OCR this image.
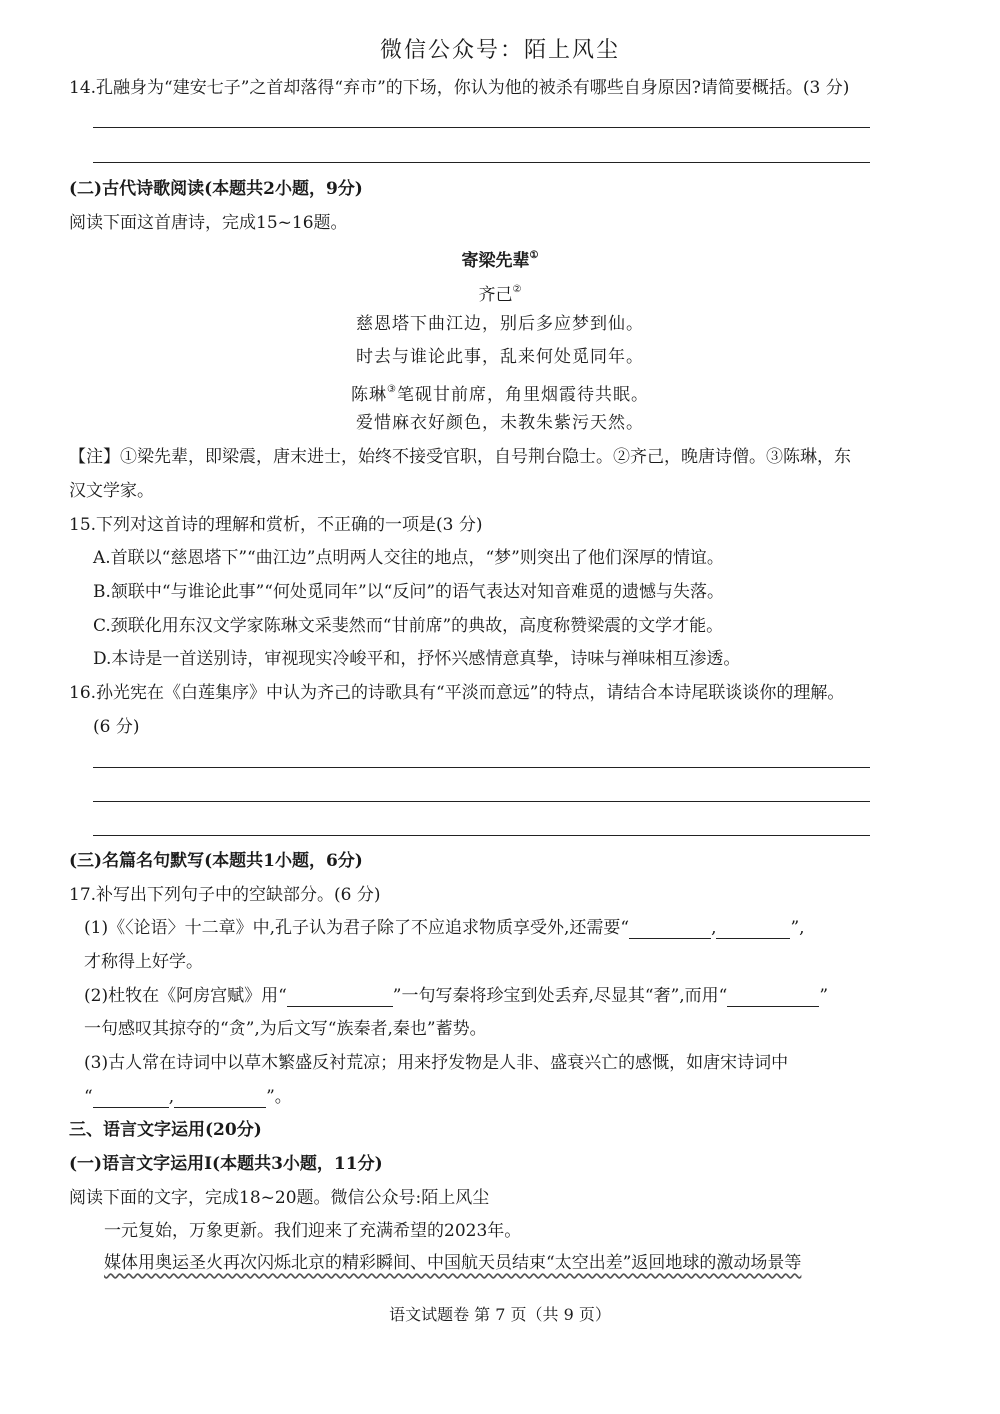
微信公众号：陌上风尘
14.孔融身为“建安七子”之首却落得“弃市”的下场，你认为他的被杀有哪些自身原因?请简要概括。(3 分)
(二)古代诗歌阅读(本题共2小题，9分)
阅读下面这首唐诗，完成15~16题。
寄梁先辈①
齐己②
慈恩塔下曲江边，别后多应梦到仙。
时去与谁论此事，乱来何处觅同年。
陈琳③笔砚甘前席，角里烟霞待共眠。
爱惜麻衣好颜色，未教朱紫污天然。
【注】①梁先辈，即梁震，唐末进士，始终不接受官职，自号荆台隐士。②齐己，晚唐诗僧。③陈琳，东
汉文学家。
15.下列对这首诗的理解和赏析，不正确的一项是(3 分)
A.首联以“慈恩塔下”“曲江边”点明两人交往的地点，“梦”则突出了他们深厚的情谊。
B.颔联中“与谁论此事”“何处觅同年”以“反问”的语气表达对知音难觅的遗憾与失落。
C.颈联化用东汉文学家陈琳文采斐然而“甘前席”的典故，高度称赞梁震的文学才能。
D.本诗是一首送别诗，审视现实冷峻平和，抒怀兴感情意真挚，诗味与禅味相互渗透。
16.孙光宪在《白莲集序》中认为齐己的诗歌具有“平淡而意远”的特点，请结合本诗尾联谈谈你的理解。
(6 分)
(三)名篇名句默写(本题共1小题，6分)
17.补写出下列句子中的空缺部分。(6 分)
(1)《〈论语〉十二章》中,孔子认为君子除了不应追求物质享受外,还需要“	,	”,
才称得上好学。
(2)杜牧在《阿房宫赋》用“	”一句写秦将珍宝到处丢弃,尽显其“奢”,而用“	”
一句感叹其掠夺的“贪”,为后文写“族秦者,秦也”蓄势。
(3)古人常在诗词中以草木繁盛反衬荒凉；用来抒发物是人非、盛衰兴亡的感慨，如唐宋诗词中
“	,	”。
三、语言文字运用(20分)
(一)语言文字运用Ⅰ(本题共3小题，11分)
阅读下面的文字，完成18~20题。微信公众号:陌上风尘
一元复始，万象更新。我们迎来了充满希望的2023年。
媒体用奥运圣火再次闪烁北京的精彩瞬间、中国航天员结束“太空出差”返回地球的激动场景等
语文试题卷 第 7 页（共 9 页）
